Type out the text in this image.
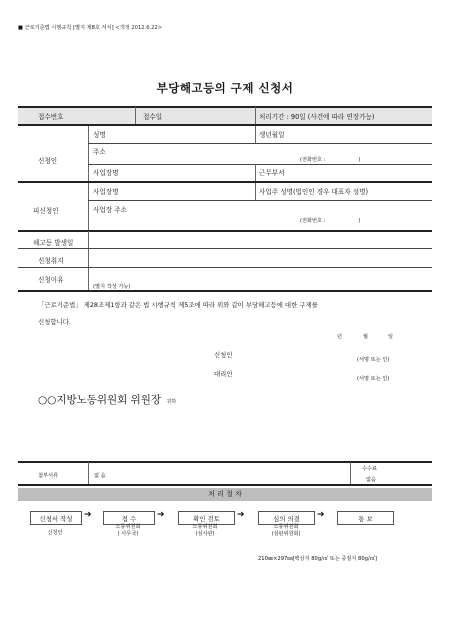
■ 근로기준법 시행규칙 [별지 제8호 서식] <개정 2012.6.22>
부당해고등의 구제 신청서
접수번호	접수일	처리기간 : 90일 (사건에 따라 연장가능)
신청인
성명	생년월일
주소
(전화번호 :                    )
사업장명	근무부서
피신청인
사업장명	사업주 성명(법인인 경우 대표자 성명)
사업장 주소
(전화번호 :                    )
해고등 발생일
신청취지
신청이유
(별지 작성 가능)
「근로기준법」 제28조제1항과 같은 법 시행규칙 제5조에 따라 위와 같이 부당해고등에 대한 구제를
신청합니다.
년	월	일
신청인
(서명 또는 인)
대리인
(서명 또는 인)
○○지방노동위원회 위원장 귀하
첨부서류	없 음
수수료
없음
처 리 절 차
신청서 작성	➔	접 수	➔	확인 검토	➔	심의 의결	➔	통 보
신청인
노동위원회
( 사무국)
노동위원회
(심사관)
노동위원회
(심판위원회)
210㎜×297㎜[백상지 80g/㎡ 또는 중질지 80g/㎡]
